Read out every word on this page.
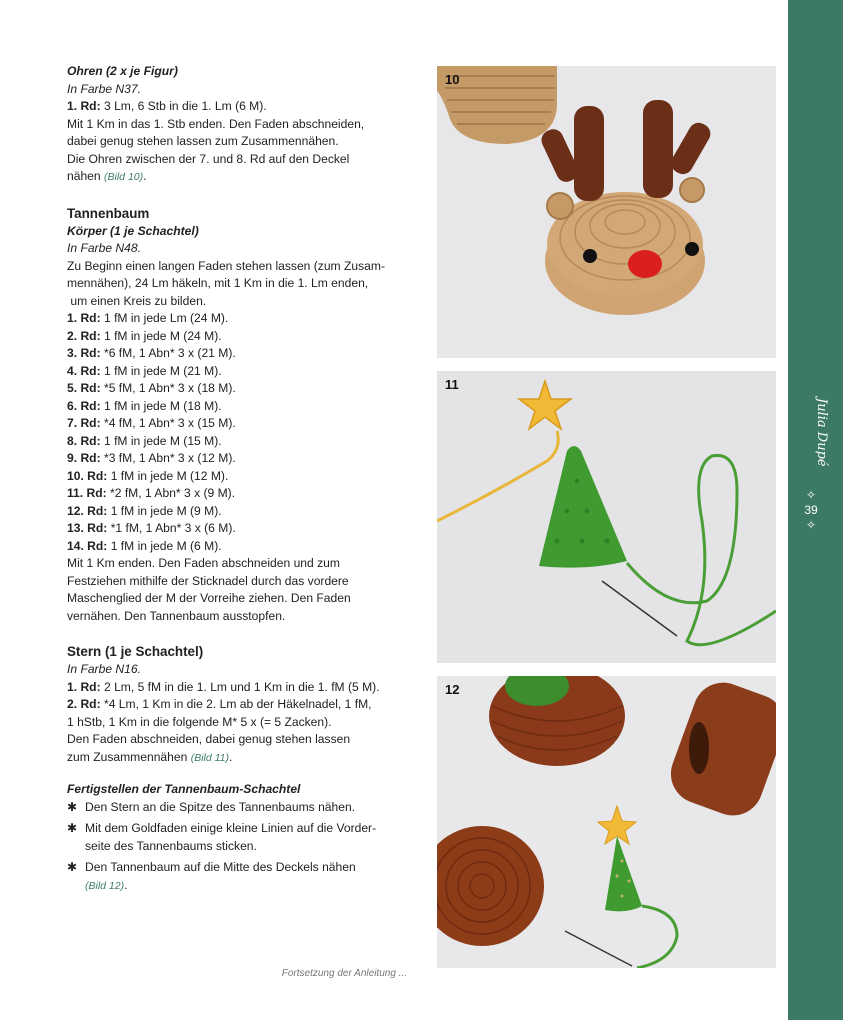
Ohren (2 x je Figur)

In Farbe N37.

1. Rd: 3 Lm, 6 Stb in die 1. Lm (6 M).

Mit 1 Km in das 1. Stb enden. Den Faden abschneiden,

dabei genug stehen lassen zum Zusammennähen.

Die Ohren zwischen der 7. und 8. Rd auf den Deckel

nähen (Bild 10).

Tannenbaum

Körper (1 je Schachtel)

In Farbe N48.

Zu Beginn einen langen Faden stehen lassen (zum Zusam-

mennähen), 24 Lm häkeln, mit 1 Km in die 1. Lm enden,

um einen Kreis zu bilden.

1. Rd: 1 fM in jede Lm (24 M).

2. Rd: 1 fM in jede M (24 M).

3. Rd: *6 fM, 1 Abn* 3 x (21 M).

4. Rd: 1 fM in jede M (21 M).

5. Rd: *5 fM, 1 Abn* 3 x (18 M).

6. Rd: 1 fM in jede M (18 M).

7. Rd: *4 fM, 1 Abn* 3 x (15 M).

8. Rd: 1 fM in jede M (15 M).

9. Rd: *3 fM, 1 Abn* 3 x (12 M).

10. Rd: 1 fM in jede M (12 M).

11. Rd: *2 fM, 1 Abn* 3 x (9 M).

12. Rd: 1 fM in jede M (9 M).

13. Rd: *1 fM, 1 Abn* 3 x (6 M).

14. Rd: 1 fM in jede M (6 M).

Mit 1 Km enden. Den Faden abschneiden und zum

Festziehen mithilfe der Sticknadel durch das vordere

Maschenglied der M der Vorreihe ziehen. Den Faden

vernähen. Den Tannenbaum ausstopfen.

Stern (1 je Schachtel)

In Farbe N16.

1. Rd: 2 Lm, 5 fM in die 1. Lm und 1 Km in die 1. fM (5 M).

2. Rd: *4 Lm, 1 Km in die 2. Lm ab der Häkelnadel, 1 fM,

1 hStb, 1 Km in die folgende M* 5 x (= 5 Zacken).

Den Faden abschneiden, dabei genug stehen lassen

zum Zusammennähen (Bild 11).

Fertigstellen der Tannenbaum-Schachtel

✱ Den Stern an die Spitze des Tannenbaums nähen.
✱ Mit dem Goldfaden einige kleine Linien auf die Vorder-
seite des Tannenbaums sticken.
✱ Den Tannenbaum auf die Mitte des Deckels nähen
(Bild 12).

Fortsetzung der Anleitung ...

10
11
12
Julia Dupé
✧
39
✧
